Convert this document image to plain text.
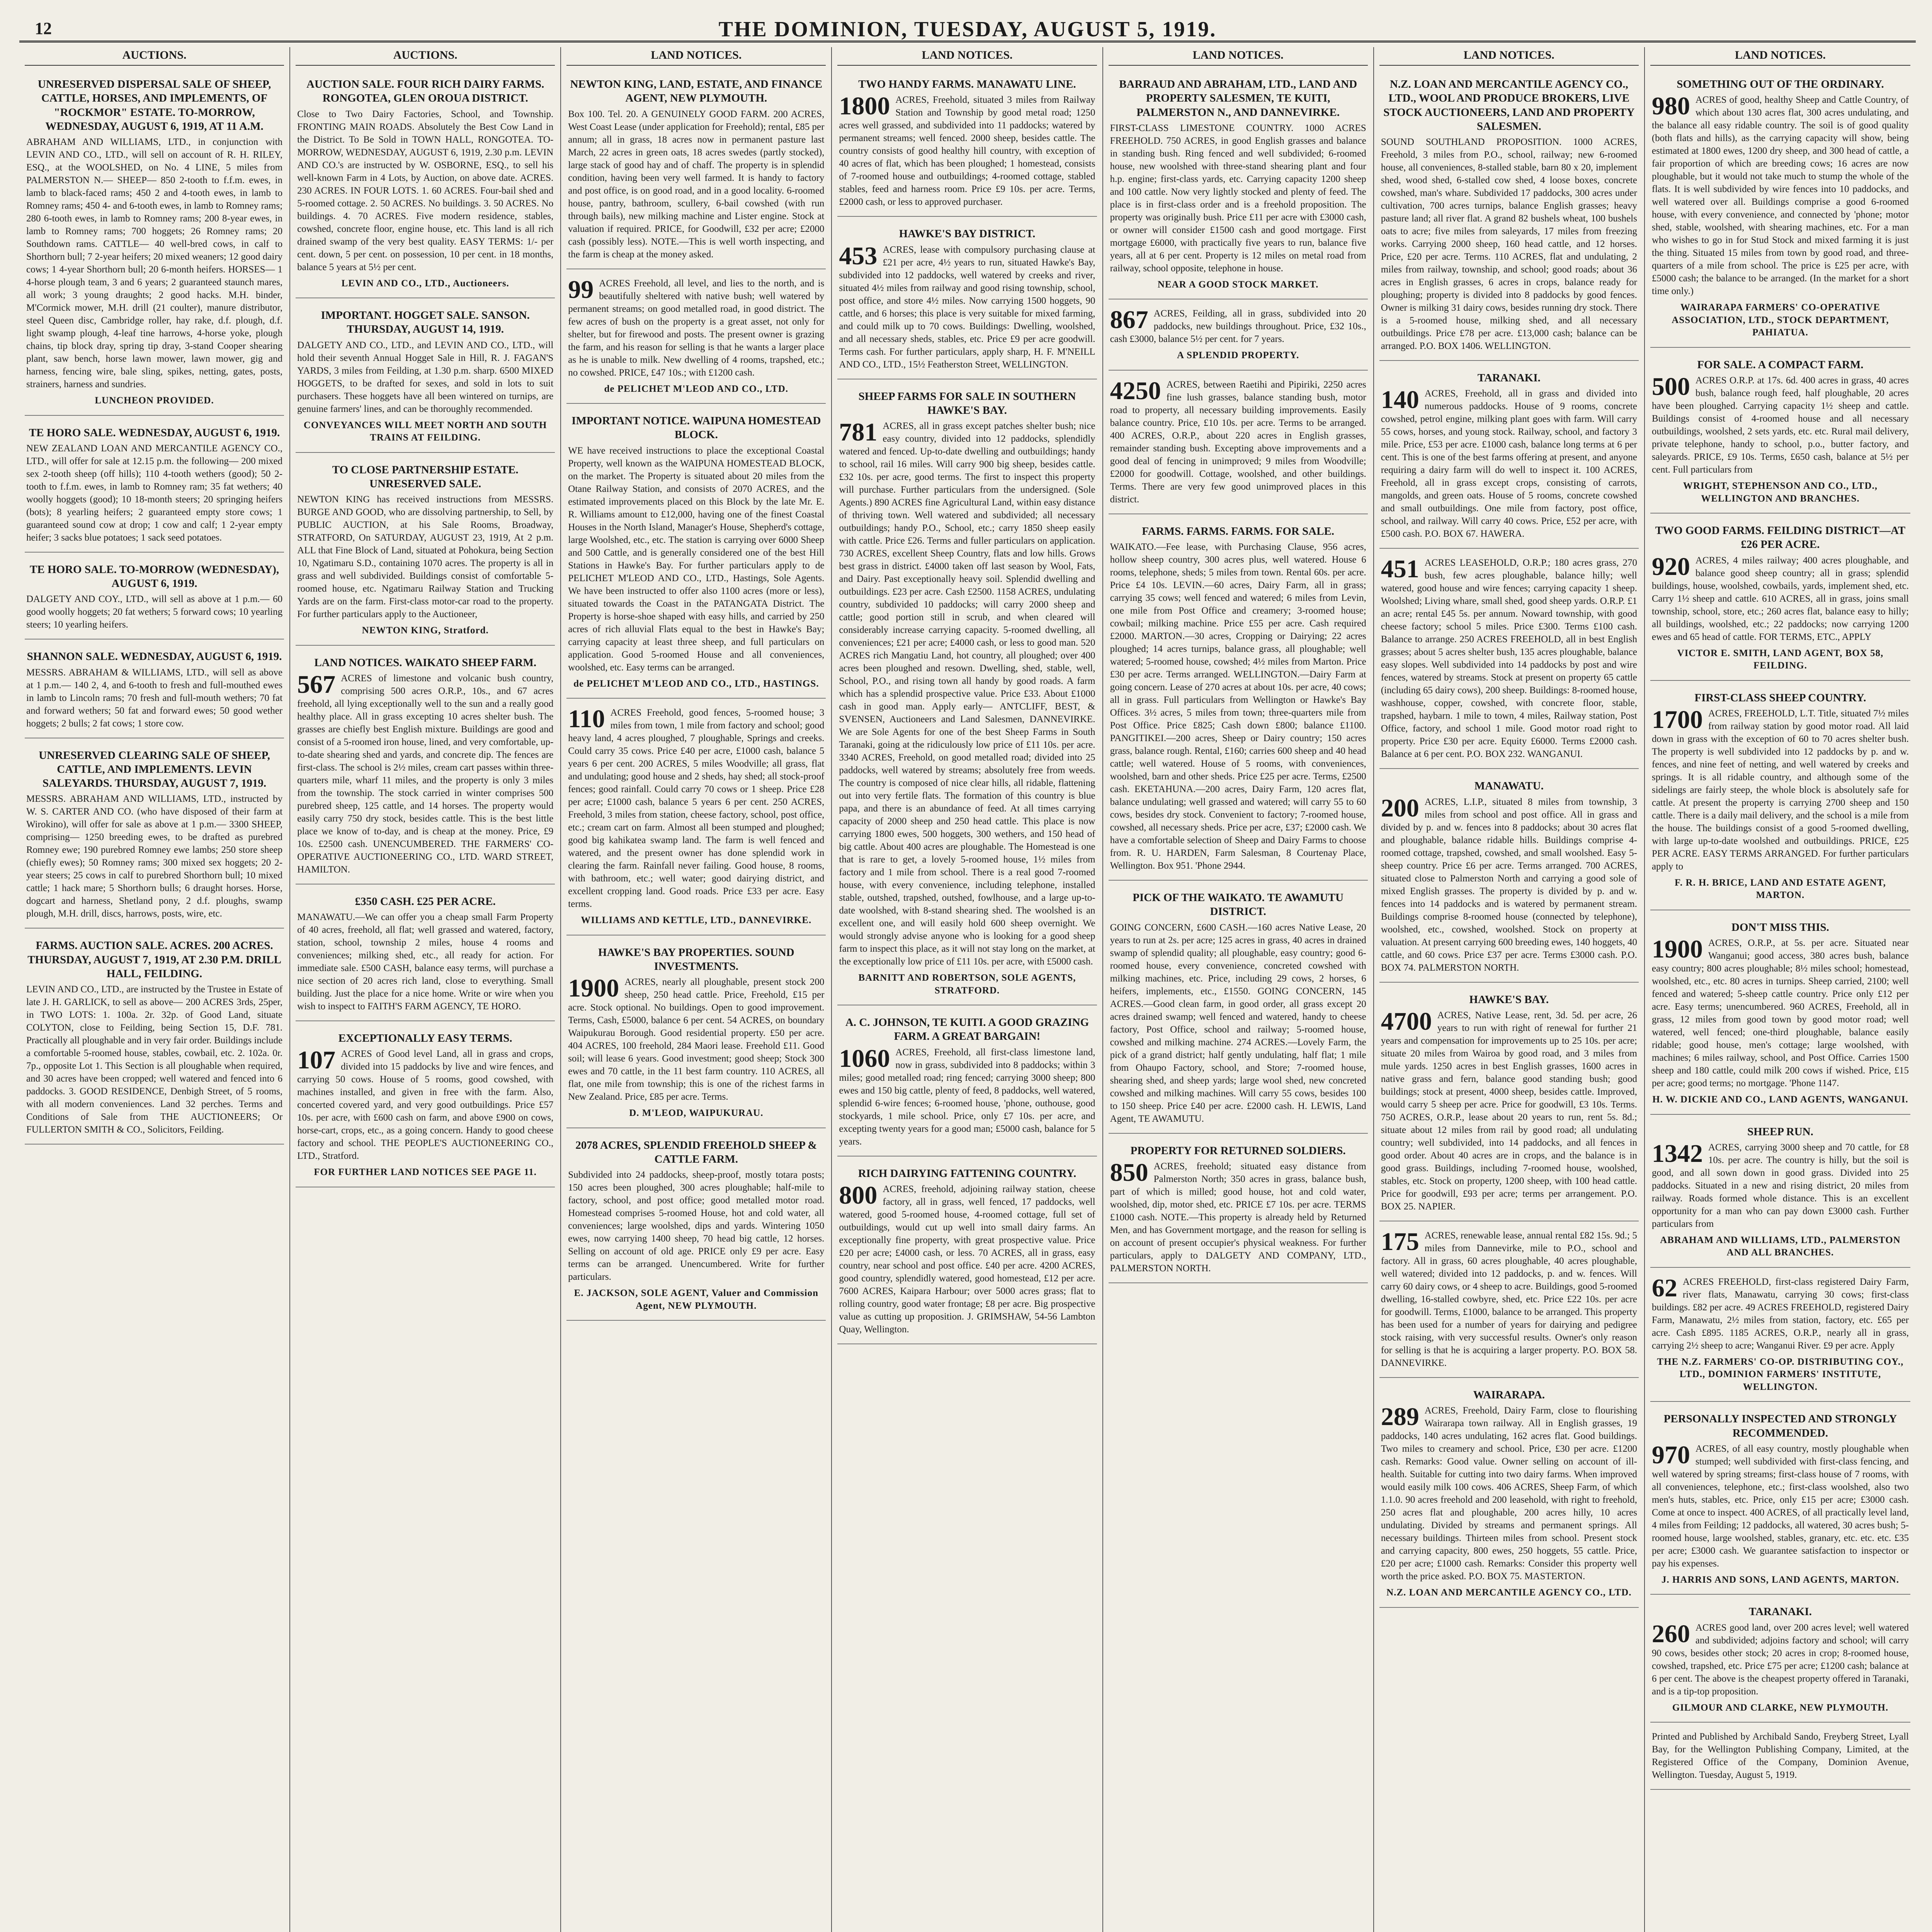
12	THE DOMINION, TUESDAY, AUGUST 5, 1919.
AUCTIONS.
UNRESERVED DISPERSAL SALE OF SHEEP, CATTLE, HORSES, AND IMPLEMENTS, OF "ROCKMOR" ESTATE. TO-MORROW, WEDNESDAY, AUGUST 6, 1919, AT 11 A.M.
ABRAHAM AND WILLIAMS, LTD., in conjunction with LEVIN AND CO., LTD., will sell on account of R. H. RILEY, ESQ., at the WOOLSHED, on No. 4 LINE, 5 miles from PALMERSTON N.— SHEEP— 850 2-tooth to f.f.m. ewes, in lamb to black-faced rams; 450 2 and 4-tooth ewes, in lamb to Romney rams; 450 4- and 6-tooth ewes, in lamb to Romney rams; 280 6-tooth ewes, in lamb to Romney rams; 200 8-year ewes, in lamb to Romney rams; 700 hoggets; 26 Romney rams; 20 Southdown rams. CATTLE— 40 well-bred cows, in calf to Shorthorn bull; 7 2-year heifers; 20 mixed weaners; 12 good dairy cows; 1 4-year Shorthorn bull; 20 6-month heifers. HORSES— 1 4-horse plough team, 3 and 6 years; 2 guaranteed staunch mares, all work; 3 young draughts; 2 good hacks. M.H. binder, M'Cormick mower, M.H. drill (21 coulter), manure distributor, steel Queen disc, Cambridge roller, hay rake, d.f. plough, d.f. light swamp plough, 4-leaf tine harrows, 4-horse yoke, plough chains, tip block dray, spring tip dray, 3-stand Cooper shearing plant, saw bench, horse lawn mower, lawn mower, gig and harness, fencing wire, bale sling, spikes, netting, gates, posts, strainers, harness and sundries.
LUNCHEON PROVIDED.
TE HORO SALE. WEDNESDAY, AUGUST 6, 1919.
NEW ZEALAND LOAN AND MERCANTILE AGENCY CO., LTD., will offer for sale at 12.15 p.m. the following— 200 mixed sex 2-tooth sheep (off hills); 110 4-tooth wethers (good); 50 2-tooth to f.f.m. ewes, in lamb to Romney ram; 35 fat wethers; 40 woolly hoggets (good); 10 18-month steers; 20 springing heifers (bots); 8 yearling heifers; 2 guaranteed empty store cows; 1 guaranteed sound cow at drop; 1 cow and calf; 1 2-year empty heifer; 3 sacks blue potatoes; 1 sack seed potatoes.
TE HORO SALE. TO-MORROW (WEDNESDAY), AUGUST 6, 1919.
DALGETY AND COY., LTD., will sell as above at 1 p.m.— 60 good woolly hoggets; 20 fat wethers; 5 forward cows; 10 yearling steers; 10 yearling heifers.
SHANNON SALE. WEDNESDAY, AUGUST 6, 1919.
MESSRS. ABRAHAM & WILLIAMS, LTD., will sell as above at 1 p.m.— 140 2, 4, and 6-tooth to fresh and full-mouthed ewes in lamb to Lincoln rams; 70 fresh and full-mouth wethers; 70 fat and forward wethers; 50 fat and forward ewes; 50 good wether hoggets; 2 bulls; 2 fat cows; 1 store cow.
UNRESERVED CLEARING SALE OF SHEEP, CATTLE, AND IMPLEMENTS. LEVIN SALEYARDS. THURSDAY, AUGUST 7, 1919.
MESSRS. ABRAHAM AND WILLIAMS, LTD., instructed by W. S. CARTER AND CO. (who have disposed of their farm at Wirokino), will offer for sale as above at 1 p.m.— 3300 SHEEP, comprising— 1250 breeding ewes, to be drafted as purebred Romney ewe; 190 purebred Romney ewe lambs; 250 store sheep (chiefly ewes); 50 Romney rams; 300 mixed sex hoggets; 20 2-year steers; 25 cows in calf to purebred Shorthorn bull; 10 mixed cattle; 1 hack mare; 5 Shorthorn bulls; 6 draught horses. Horse, dogcart and harness, Shetland pony, 2 d.f. ploughs, swamp plough, M.H. drill, discs, harrows, posts, wire, etc.
FARMS. AUCTION SALE. ACRES. 200 ACRES. THURSDAY, AUGUST 7, 1919, AT 2.30 P.M. DRILL HALL, FEILDING.
LEVIN AND CO., LTD., are instructed by the Trustee in Estate of late J. H. GARLICK, to sell as above— 200 ACRES 3rds, 25per, in TWO LOTS: 1. 100a. 2r. 32p. of Good Land, situate COLYTON, close to Feilding, being Section 15, D.F. 781. Practically all ploughable and in very fair order. Buildings include a comfortable 5-roomed house, stables, cowbail, etc. 2. 102a. 0r. 7p., opposite Lot 1. This Section is all ploughable when required, and 30 acres have been cropped; well watered and fenced into 6 paddocks. 3. GOOD RESIDENCE, Denbigh Street, of 5 rooms, with all modern conveniences. Land 32 perches. Terms and Conditions of Sale from THE AUCTIONEERS; Or FULLERTON SMITH & CO., Solicitors, Feilding.
AUCTIONS.
AUCTION SALE. FOUR RICH DAIRY FARMS. RONGOTEA, GLEN OROUA DISTRICT.
Close to Two Dairy Factories, School, and Township. FRONTING MAIN ROADS. Absolutely the Best Cow Land in the District. To Be Sold in TOWN HALL, RONGOTEA. TO-MORROW, WEDNESDAY, AUGUST 6, 1919, 2.30 p.m. LEVIN AND CO.'s are instructed by W. OSBORNE, ESQ., to sell his well-known Farm in 4 Lots, by Auction, on above date. ACRES. 230 ACRES. IN FOUR LOTS. 1. 60 ACRES. Four-bail shed and 5-roomed cottage. 2. 50 ACRES. No buildings. 3. 50 ACRES. No buildings. 4. 70 ACRES. Five modern residence, stables, cowshed, concrete floor, engine house, etc. This land is all rich drained swamp of the very best quality. EASY TERMS: 1/- per cent. down, 5 per cent. on possession, 10 per cent. in 18 months, balance 5 years at 5½ per cent.
LEVIN AND CO., LTD., Auctioneers.
IMPORTANT. HOGGET SALE. SANSON. THURSDAY, AUGUST 14, 1919.
DALGETY AND CO., LTD., and LEVIN AND CO., LTD., will hold their seventh Annual Hogget Sale in Hill, R. J. FAGAN'S YARDS, 3 miles from Feilding, at 1.30 p.m. sharp. 6500 MIXED HOGGETS, to be drafted for sexes, and sold in lots to suit purchasers. These hoggets have all been wintered on turnips, are genuine farmers' lines, and can be thoroughly recommended.
CONVEYANCES WILL MEET NORTH AND SOUTH TRAINS AT FEILDING.
TO CLOSE PARTNERSHIP ESTATE. UNRESERVED SALE.
NEWTON KING has received instructions from MESSRS. BURGE AND GOOD, who are dissolving partnership, to Sell, by PUBLIC AUCTION, at his Sale Rooms, Broadway, STRATFORD, On SATURDAY, AUGUST 23, 1919, At 2 p.m. ALL that Fine Block of Land, situated at Pohokura, being Section 10, Ngatimaru S.D., containing 1070 acres. The property is all in grass and well subdivided. Buildings consist of comfortable 5-roomed house, etc. Ngatimaru Railway Station and Trucking Yards are on the farm. First-class motor-car road to the property. For further particulars apply to the Auctioneer,
NEWTON KING, Stratford.
LAND NOTICES. WAIKATO SHEEP FARM.
567 ACRES of limestone and volcanic bush country, comprising 500 acres O.R.P., 10s., and 67 acres freehold, all lying exceptionally well to the sun and a really good healthy place. All in grass excepting 10 acres shelter bush. The grasses are chiefly best English mixture. Buildings are good and consist of a 5-roomed iron house, lined, and very comfortable, up-to-date shearing shed and yards, and concrete dip. The fences are first-class. The school is 2½ miles, cream cart passes within three-quarters mile, wharf 11 miles, and the property is only 3 miles from the township. The stock carried in winter comprises 500 purebred sheep, 125 cattle, and 14 horses. The property would easily carry 750 dry stock, besides cattle. This is the best little place we know of to-day, and is cheap at the money. Price, £9 10s. £2500 cash. UNENCUMBERED. THE FARMERS' CO-OPERATIVE AUCTIONEERING CO., LTD. WARD STREET, HAMILTON.
£350 CASH. £25 PER ACRE.
MANAWATU.—We can offer you a cheap small Farm Property of 40 acres, freehold, all flat; well grassed and watered, factory, station, school, township 2 miles, house 4 rooms and conveniences; milking shed, etc., all ready for action. For immediate sale. £500 CASH, balance easy terms, will purchase a nice section of 20 acres rich land, close to everything. Small building. Just the place for a nice home. Write or wire when you wish to inspect to FAITH'S FARM AGENCY, TE HORO.
EXCEPTIONALLY EASY TERMS.
107 ACRES of Good level Land, all in grass and crops, divided into 15 paddocks by live and wire fences, and carrying 50 cows. House of 5 rooms, good cowshed, with machines installed, and given in free with the farm. Also, concerted covered yard, and very good outbuildings. Price £57 10s. per acre, with £600 cash on farm, and above £900 on cows, horse-cart, crops, etc., as a going concern. Handy to good cheese factory and school. THE PEOPLE'S AUCTIONEERING CO., LTD., Stratford.
FOR FURTHER LAND NOTICES SEE PAGE 11.
LAND NOTICES.
NEWTON KING, LAND, ESTATE, AND FINANCE AGENT, NEW PLYMOUTH.
Box 100. Tel. 20. A GENUINELY GOOD FARM. 200 ACRES, West Coast Lease (under application for Freehold); rental, £85 per annum; all in grass, 18 acres now in permanent pasture last March, 22 acres in green oats, 18 acres swedes (partly stocked), large stack of good hay and of chaff. The property is in splendid condition, having been very well farmed. It is handy to factory and post office, is on good road, and in a good locality. 6-roomed house, pantry, bathroom, scullery, 6-bail cowshed (with run through bails), new milking machine and Lister engine. Stock at valuation if required. PRICE, for Goodwill, £32 per acre; £2000 cash (possibly less). NOTE.—This is well worth inspecting, and the farm is cheap at the money asked.
99 ACRES Freehold, all level, and lies to the north, and is beautifully sheltered with native bush; well watered by permanent streams; on good metalled road, in good district. The few acres of bush on the property is a great asset, not only for shelter, but for firewood and posts. The present owner is grazing the farm, and his reason for selling is that he wants a larger place as he is unable to milk. New dwelling of 4 rooms, trapshed, etc.; no cowshed. PRICE, £47 10s.; with £1200 cash.
de PELICHET M'LEOD AND CO., LTD.
IMPORTANT NOTICE. WAIPUNA HOMESTEAD BLOCK.
WE have received instructions to place the exceptional Coastal Property, well known as the WAIPUNA HOMESTEAD BLOCK, on the market. The Property is situated about 20 miles from the Otane Railway Station, and consists of 2070 ACRES, and the estimated improvements placed on this Block by the late Mr. E. R. Williams amount to £12,000, having one of the finest Coastal Houses in the North Island, Manager's House, Shepherd's cottage, large Woolshed, etc., etc. The station is carrying over 6000 Sheep and 500 Cattle, and is generally considered one of the best Hill Stations in Hawke's Bay. For further particulars apply to de PELICHET M'LEOD AND CO., LTD., Hastings, Sole Agents. We have been instructed to offer also 1100 acres (more or less), situated towards the Coast in the PATANGATA District. The Property is horse-shoe shaped with easy hills, and carried by 250 acres of rich alluvial Flats equal to the best in Hawke's Bay; carrying capacity at least three sheep, and full particulars on application. Good 5-roomed House and all conveniences, woolshed, etc. Easy terms can be arranged.
de PELICHET M'LEOD AND CO., LTD., HASTINGS.
110 ACRES Freehold, good fences, 5-roomed house; 3 miles from town, 1 mile from factory and school; good heavy land, 4 acres ploughed, 7 ploughable, Springs and creeks. Could carry 35 cows. Price £40 per acre, £1000 cash, balance 5 years 6 per cent. 200 ACRES, 5 miles Woodville; all grass, flat and undulating; good house and 2 sheds, hay shed; all stock-proof fences; good rainfall. Could carry 70 cows or 1 sheep. Price £28 per acre; £1000 cash, balance 5 years 6 per cent. 250 ACRES, Freehold, 3 miles from station, cheese factory, school, post office, etc.; cream cart on farm. Almost all been stumped and ploughed; good big kahikatea swamp land. The farm is well fenced and watered, and the present owner has done splendid work in clearing the farm. Rainfall never failing. Good house, 8 rooms, with bathroom, etc.; well water; good dairying district, and excellent cropping land. Good roads. Price £33 per acre. Easy terms.
WILLIAMS AND KETTLE, LTD., DANNEVIRKE.
HAWKE'S BAY PROPERTIES. SOUND INVESTMENTS.
1900 ACRES, nearly all ploughable, present stock 200 sheep, 250 head cattle. Price, Freehold, £15 per acre. Stock optional. No buildings. Open to good improvement. Terms, Cash, £5000, balance 6 per cent. 54 ACRES, on boundary Waipukurau Borough. Good residential property. £50 per acre. 404 ACRES, 100 freehold, 284 Maori lease. Freehold £11. Good soil; will lease 6 years. Good investment; good sheep; Stock 300 ewes and 70 cattle, in the 11 best farm country. 110 ACRES, all flat, one mile from township; this is one of the richest farms in New Zealand. Price, £85 per acre. Terms.
D. M'LEOD, WAIPUKURAU.
2078 ACRES, SPLENDID FREEHOLD SHEEP & CATTLE FARM.
Subdivided into 24 paddocks, sheep-proof, mostly totara posts; 150 acres been ploughed, 300 acres ploughable; half-mile to factory, school, and post office; good metalled motor road. Homestead comprises 5-roomed House, hot and cold water, all conveniences; large woolshed, dips and yards. Wintering 1050 ewes, now carrying 1400 sheep, 70 head big cattle, 12 horses. Selling on account of old age. PRICE only £9 per acre. Easy terms can be arranged. Unencumbered. Write for further particulars.
E. JACKSON, SOLE AGENT, Valuer and Commission Agent, NEW PLYMOUTH.
LAND NOTICES.
TWO HANDY FARMS. MANAWATU LINE.
1800 ACRES, Freehold, situated 3 miles from Railway Station and Township by good metal road; 1250 acres well grassed, and subdivided into 11 paddocks; watered by permanent streams; well fenced. 2000 sheep, besides cattle. The country consists of good healthy hill country, with exception of 40 acres of flat, which has been ploughed; 1 homestead, consists of 7-roomed house and outbuildings; 4-roomed cottage, stabled stables, feed and harness room. Price £9 10s. per acre. Terms, £2000 cash, or less to approved purchaser.
HAWKE'S BAY DISTRICT.
453 ACRES, lease with compulsory purchasing clause at £21 per acre, 4½ years to run, situated Hawke's Bay, subdivided into 12 paddocks, well watered by creeks and river, situated 4½ miles from railway and good rising township, school, post office, and store 4½ miles. Now carrying 1500 hoggets, 90 cattle, and 6 horses; this place is very suitable for mixed farming, and could milk up to 70 cows. Buildings: Dwelling, woolshed, and all necessary sheds, stables, etc. Price £9 per acre goodwill. Terms cash. For further particulars, apply sharp, H. F. M'NEILL AND CO., LTD., 15½ Featherston Street, WELLINGTON.
SHEEP FARMS FOR SALE IN SOUTHERN HAWKE'S BAY.
781 ACRES, all in grass except patches shelter bush; nice easy country, divided into 12 paddocks, splendidly watered and fenced. Up-to-date dwelling and outbuildings; handy to school, rail 16 miles. Will carry 900 big sheep, besides cattle. £32 10s. per acre, good terms. The first to inspect this property will purchase. Further particulars from the undersigned. (Sole Agents.) 890 ACRES fine Agricultural Land, within easy distance of thriving town. Well watered and subdivided; all necessary outbuildings; handy P.O., School, etc.; carry 1850 sheep easily with cattle. Price £26. Terms and fuller particulars on application. 730 ACRES, excellent Sheep Country, flats and low hills. Grows best grass in district. £4000 taken off last season by Wool, Fats, and Dairy. Past exceptionally heavy soil. Splendid dwelling and outbuildings. £23 per acre. Cash £2500. 1158 ACRES, undulating country, subdivided 10 paddocks; will carry 2000 sheep and cattle; good portion still in scrub, and when cleared will considerably increase carrying capacity. 5-roomed dwelling, all conveniences; £21 per acre; £4000 cash, or less to good man. 520 ACRES rich Mangatiu Land, hot country, all ploughed; over 400 acres been ploughed and resown. Dwelling, shed, stable, well, School, P.O., and rising town all handy by good roads. A farm which has a splendid prospective value. Price £33. About £1000 cash in good man. Apply early— ANTCLIFF, BEST, & SVENSEN, Auctioneers and Land Salesmen, DANNEVIRKE. We are Sole Agents for one of the best Sheep Farms in South Taranaki, going at the ridiculously low price of £11 10s. per acre. 3340 ACRES, Freehold, on good metalled road; divided into 25 paddocks, well watered by streams; absolutely free from weeds. The country is composed of nice clear hills, all ridable, flattening out into very fertile flats. The formation of this country is blue papa, and there is an abundance of feed. At all times carrying capacity of 2000 sheep and 250 head cattle. This place is now carrying 1800 ewes, 500 hoggets, 300 wethers, and 150 head of big cattle. About 400 acres are ploughable. The Homestead is one that is rare to get, a lovely 5-roomed house, 1½ miles from factory and 1 mile from school. There is a real good 7-roomed house, with every convenience, including telephone, installed stable, outshed, trapshed, outshed, fowlhouse, and a large up-to-date woolshed, with 8-stand shearing shed. The woolshed is an excellent one, and will easily hold 600 sheep overnight. We would strongly advise anyone who is looking for a good sheep farm to inspect this place, as it will not stay long on the market, at the exceptionally low price of £11 10s. per acre, with £5000 cash.
BARNITT AND ROBERTSON, SOLE AGENTS, STRATFORD.
A. C. JOHNSON, TE KUITI. A GOOD GRAZING FARM. A GREAT BARGAIN!
1060 ACRES, Freehold, all first-class limestone land, now in grass, subdivided into 8 paddocks; within 3 miles; good metalled road; ring fenced; carrying 3000 sheep; 800 ewes and 150 big cattle, plenty of feed, 8 paddocks, well watered, splendid 6-wire fences; 6-roomed house, 'phone, outhouse, good stockyards, 1 mile school. Price, only £7 10s. per acre, and excepting twenty years for a good man; £5000 cash, balance for 5 years.
RICH DAIRYING FATTENING COUNTRY.
800 ACRES, freehold, adjoining railway station, cheese factory, all in grass, well fenced, 17 paddocks, well watered, good 5-roomed house, 4-roomed cottage, full set of outbuildings, would cut up well into small dairy farms. An exceptionally fine property, with great prospective value. Price £20 per acre; £4000 cash, or less. 70 ACRES, all in grass, easy country, near school and post office. £40 per acre. 4200 ACRES, good country, splendidly watered, good homestead, £12 per acre. 7600 ACRES, Kaipara Harbour; over 5000 acres grass; flat to rolling country, good water frontage; £8 per acre. Big prospective value as cutting up proposition. J. GRIMSHAW, 54-56 Lambton Quay, Wellington.
LAND NOTICES.
BARRAUD AND ABRAHAM, LTD., LAND AND PROPERTY SALESMEN, TE KUITI, PALMERSTON N., AND DANNEVIRKE.
FIRST-CLASS LIMESTONE COUNTRY. 1000 ACRES FREEHOLD. 750 ACRES, in good English grasses and balance in standing bush. Ring fenced and well subdivided; 6-roomed house, new woolshed with three-stand shearing plant and four h.p. engine; first-class yards, etc. Carrying capacity 1200 sheep and 100 cattle. Now very lightly stocked and plenty of feed. The place is in first-class order and is a freehold proposition. The property was originally bush. Price £11 per acre with £3000 cash, or owner will consider £1500 cash and good mortgage. First mortgage £6000, with practically five years to run, balance five years, all at 6 per cent. Property is 12 miles on metal road from railway, school opposite, telephone in house.
NEAR A GOOD STOCK MARKET.
867 ACRES, Feilding, all in grass, subdivided into 20 paddocks, new buildings throughout. Price, £32 10s., cash £3000, balance 5½ per cent. for 7 years.
A SPLENDID PROPERTY.
4250 ACRES, between Raetihi and Pipiriki, 2250 acres fine lush grasses, balance standing bush, motor road to property, all necessary building improvements. Easily balance country. Price, £10 10s. per acre. Terms to be arranged. 400 ACRES, O.R.P., about 220 acres in English grasses, remainder standing bush. Excepting above improvements and a good deal of fencing in unimproved; 9 miles from Woodville; £2000 for goodwill. Cottage, woolshed, and other buildings. Terms. There are very few good unimproved places in this district.
FARMS. FARMS. FARMS. FOR SALE.
WAIKATO.—Fee lease, with Purchasing Clause, 956 acres, hollow sheep country, 300 acres plus, well watered. House 6 rooms, telephone, sheds; 5 miles from town. Rental 60s. per acre. Price £4 10s. LEVIN.—60 acres, Dairy Farm, all in grass; carrying 35 cows; well fenced and watered; 6 miles from Levin, one mile from Post Office and creamery; 3-roomed house; cowbail; milking machine. Price £55 per acre. Cash required £2000. MARTON.—30 acres, Cropping or Dairying; 22 acres ploughed; 14 acres turnips, balance grass, all ploughable; well watered; 5-roomed house, cowshed; 4½ miles from Marton. Price £30 per acre. Terms arranged. WELLINGTON.—Dairy Farm at going concern. Lease of 270 acres at about 10s. per acre, 40 cows; all in grass. Full particulars from Wellington or Hawke's Bay Offices. 3½ acres, 5 miles from town; three-quarters mile from Post Office. Price £825; Cash down £800; balance £1100. PANGITIKEI.—200 acres, Sheep or Dairy country; 150 acres grass, balance rough. Rental, £160; carries 600 sheep and 40 head cattle; well watered. House of 5 rooms, with conveniences, woolshed, barn and other sheds. Price £25 per acre. Terms, £2500 cash. EKETAHUNA.—200 acres, Dairy Farm, 120 acres flat, balance undulating; well grassed and watered; will carry 55 to 60 cows, besides dry stock. Convenient to factory; 7-roomed house, cowshed, all necessary sheds. Price per acre, £37; £2000 cash. We have a comfortable selection of Sheep and Dairy Farms to choose from. R. U. HARDEN, Farm Salesman, 8 Courtenay Place, Wellington. Box 951. 'Phone 2944.
PICK OF THE WAIKATO. TE AWAMUTU DISTRICT.
GOING CONCERN, £600 CASH.—160 acres Native Lease, 20 years to run at 2s. per acre; 125 acres in grass, 40 acres in drained swamp of splendid quality; all ploughable, easy country; good 6-roomed house, every convenience, concreted cowshed with milking machines, etc. Price, including 29 cows, 2 horses, 6 heifers, implements, etc., £1550. GOING CONCERN, 145 ACRES.—Good clean farm, in good order, all grass except 20 acres drained swamp; well fenced and watered, handy to cheese factory, Post Office, school and railway; 5-roomed house, cowshed and milking machine. 274 ACRES.—Lovely Farm, the pick of a grand district; half gently undulating, half flat; 1 mile from Ohaupo Factory, school, and Store; 7-roomed house, shearing shed, and sheep yards; large wool shed, new concreted cowshed and milking machines. Will carry 55 cows, besides 100 to 150 sheep. Price £40 per acre. £2000 cash. H. LEWIS, Land Agent, TE AWAMUTU.
PROPERTY FOR RETURNED SOLDIERS.
850 ACRES, freehold; situated easy distance from Palmerston North; 350 acres in grass, balance bush, part of which is milled; good house, hot and cold water, woolshed, dip, motor shed, etc. PRICE £7 10s. per acre. TERMS £1000 cash. NOTE.—This property is already held by Returned Men, and has Government mortgage, and the reason for selling is on account of present occupier's physical weakness. For further particulars, apply to DALGETY AND COMPANY, LTD., PALMERSTON NORTH.
LAND NOTICES.
N.Z. LOAN AND MERCANTILE AGENCY CO., LTD., WOOL AND PRODUCE BROKERS, LIVE STOCK AUCTIONEERS, LAND AND PROPERTY SALESMEN.
SOUND SOUTHLAND PROPOSITION. 1000 ACRES, Freehold, 3 miles from P.O., school, railway; new 6-roomed house, all conveniences, 8-stalled stable, barn 80 x 20, implement shed, wood shed, 6-stalled cow shed, 4 loose boxes, concrete cowshed, man's whare. Subdivided 17 paddocks, 300 acres under cultivation, 700 acres turnips, balance English grasses; heavy pasture land; all river flat. A grand 82 bushels wheat, 100 bushels oats to acre; five miles from saleyards, 17 miles from freezing works. Carrying 2000 sheep, 160 head cattle, and 12 horses. Price, £20 per acre. Terms. 110 ACRES, flat and undulating, 2 miles from railway, township, and school; good roads; about 36 acres in English grasses, 6 acres in crops, balance ready for ploughing; property is divided into 8 paddocks by good fences. Owner is milking 31 dairy cows, besides running dry stock. There is a 5-roomed house, milking shed, and all necessary outbuildings. Price £78 per acre. £13,000 cash; balance can be arranged. P.O. BOX 1406. WELLINGTON.
TARANAKI.
140 ACRES, Freehold, all in grass and divided into numerous paddocks. House of 9 rooms, concrete cowshed, petrol engine, milking plant goes with farm. Will carry 55 cows, horses, and young stock. Railway, school, and factory 3 mile. Price, £53 per acre. £1000 cash, balance long terms at 6 per cent. This is one of the best farms offering at present, and anyone requiring a dairy farm will do well to inspect it. 100 ACRES, Freehold, all in grass except crops, consisting of carrots, mangolds, and green oats. House of 5 rooms, concrete cowshed and small outbuildings. One mile from factory, post office, school, and railway. Will carry 40 cows. Price, £52 per acre, with £500 cash. P.O. BOX 67. HAWERA.
451 ACRES LEASEHOLD, O.R.P.; 180 acres grass, 270 bush, few acres ploughable, balance hilly; well watered, good house and wire fences; carrying capacity 1 sheep. Woolshed; Living whare, small shed, good sheep yards. O.R.P. £1 an acre; rental £45 5s. per annum. Noward township, with good cheese factory; school 5 miles. Price £300. Terms £100 cash. Balance to arrange. 250 ACRES FREEHOLD, all in best English grasses; about 5 acres shelter bush, 135 acres ploughable, balance easy slopes. Well subdivided into 14 paddocks by post and wire fences, watered by streams. Stock at present on property 65 cattle (including 65 dairy cows), 200 sheep. Buildings: 8-roomed house, washhouse, copper, cowshed, with concrete floor, stable, trapshed, haybarn. 1 mile to town, 4 miles, Railway station, Post Office, factory, and school 1 mile. Good motor road right to property. Price £30 per acre. Equity £6000. Terms £2000 cash. Balance at 6 per cent. P.O. BOX 232. WANGANUI.
MANAWATU.
200 ACRES, L.I.P., situated 8 miles from township, 3 miles from school and post office. All in grass and divided by p. and w. fences into 8 paddocks; about 30 acres flat and ploughable, balance ridable hills. Buildings comprise 4-roomed cottage, trapshed, cowshed, and small woolshed. Easy 5-sheep country. Price £6 per acre. Terms arranged. 700 ACRES, situated close to Palmerston North and carrying a good sole of mixed English grasses. The property is divided by p. and w. fences into 14 paddocks and is watered by permanent stream. Buildings comprise 8-roomed house (connected by telephone), woolshed, etc., cowshed, woolshed. Stock on property at valuation. At present carrying 600 breeding ewes, 140 hoggets, 40 cattle, and 60 cows. Price £37 per acre. Terms £3000 cash. P.O. BOX 74. PALMERSTON NORTH.
HAWKE'S BAY.
4700 ACRES, Native Lease, rent, 3d. 5d. per acre, 26 years to run with right of renewal for further 21 years and compensation for improvements up to 25 10s. per acre; situate 20 miles from Wairoa by good road, and 3 miles from mule yards. 1250 acres in best English grasses, 1600 acres in native grass and fern, balance good standing bush; good buildings; stock at present, 4000 sheep, besides cattle. Improved, would carry 5 sheep per acre. Price for goodwill, £3 10s. Terms. 750 ACRES, O.R.P., lease about 20 years to run, rent 5s. 8d.; situate about 12 miles from rail by good road; all undulating country; well subdivided, into 14 paddocks, and all fences in good order. About 40 acres are in crops, and the balance is in good grass. Buildings, including 7-roomed house, woolshed, stables, etc. Stock on property, 1200 sheep, with 100 head cattle. Price for goodwill, £93 per acre; terms per arrangement. P.O. BOX 25. NAPIER.
175 ACRES, renewable lease, annual rental £82 15s. 9d.; 5 miles from Dannevirke, mile to P.O., school and factory. All in grass, 60 acres ploughable, 40 acres ploughable, well watered; divided into 12 paddocks, p. and w. fences. Will carry 60 dairy cows, or 4 sheep to acre. Buildings, good 5-roomed dwelling, 16-stalled cowbyre, shed, etc. Price £22 10s. per acre for goodwill. Terms, £1000, balance to be arranged. This property has been used for a number of years for dairying and pedigree stock raising, with very successful results. Owner's only reason for selling is that he is acquiring a larger property. P.O. BOX 58. DANNEVIRKE.
WAIRARAPA.
289 ACRES, Freehold, Dairy Farm, close to flourishing Wairarapa town railway. All in English grasses, 19 paddocks, 140 acres undulating, 162 acres flat. Good buildings. Two miles to creamery and school. Price, £30 per acre. £1200 cash. Remarks: Good value. Owner selling on account of ill-health. Suitable for cutting into two dairy farms. When improved would easily milk 100 cows. 406 ACRES, Sheep Farm, of which 1.1.0. 90 acres freehold and 200 leasehold, with right to freehold, 250 acres flat and ploughable, 200 acres hilly, 10 acres undulating. Divided by streams and permanent springs. All necessary buildings. Thirteen miles from school. Present stock and carrying capacity, 800 ewes, 250 hoggets, 55 cattle. Price, £20 per acre; £1000 cash. Remarks: Consider this property well worth the price asked. P.O. BOX 75. MASTERTON.
N.Z. LOAN AND MERCANTILE AGENCY CO., LTD.
LAND NOTICES.
SOMETHING OUT OF THE ORDINARY.
980 ACRES of good, healthy Sheep and Cattle Country, of which about 130 acres flat, 300 acres undulating, and the balance all easy ridable country. The soil is of good quality (both flats and hills), as the carrying capacity will show, being estimated at 1800 ewes, 1200 dry sheep, and 300 head of cattle, a fair proportion of which are breeding cows; 16 acres are now ploughable, but it would not take much to stump the whole of the flats. It is well subdivided by wire fences into 10 paddocks, and well watered over all. Buildings comprise a good 6-roomed house, with every convenience, and connected by 'phone; motor shed, stable, woolshed, with shearing machines, etc. For a man who wishes to go in for Stud Stock and mixed farming it is just the thing. Situated 15 miles from town by good road, and three-quarters of a mile from school. The price is £25 per acre, with £5000 cash; the balance to be arranged. (In the market for a short time only.)
WAIRARAPA FARMERS' CO-OPERATIVE ASSOCIATION, LTD., STOCK DEPARTMENT, PAHIATUA.
FOR SALE. A COMPACT FARM.
500 ACRES O.R.P. at 17s. 6d. 400 acres in grass, 40 acres bush, balance rough feed, half ploughable, 20 acres have been ploughed. Carrying capacity 1½ sheep and cattle. Buildings consist of 4-roomed house and all necessary outbuildings, woolshed, 2 sets yards, etc. etc. Rural mail delivery, private telephone, handy to school, p.o., butter factory, and saleyards. PRICE, £9 10s. Terms, £650 cash, balance at 5½ per cent. Full particulars from
WRIGHT, STEPHENSON AND CO., LTD., WELLINGTON AND BRANCHES.
TWO GOOD FARMS. FEILDING DISTRICT—AT £26 PER ACRE.
920 ACRES, 4 miles railway; 400 acres ploughable, and balance good sheep country; all in grass; splendid buildings, house, woolshed, cowbails, yards, implement shed, etc. Carry 1½ sheep and cattle. 610 ACRES, all in grass, joins small township, school, store, etc.; 260 acres flat, balance easy to hilly; all buildings, woolshed, etc.; 22 paddocks; now carrying 1200 ewes and 65 head of cattle. FOR TERMS, ETC., APPLY
VICTOR E. SMITH, LAND AGENT, BOX 58, FEILDING.
FIRST-CLASS SHEEP COUNTRY.
1700 ACRES, FREEHOLD, L.T. Title, situated 7½ miles from railway station by good motor road. All laid down in grass with the exception of 60 to 70 acres shelter bush. The property is well subdivided into 12 paddocks by p. and w. fences, and nine feet of netting, and well watered by creeks and springs. It is all ridable country, and although some of the sidelings are fairly steep, the whole block is absolutely safe for cattle. At present the property is carrying 2700 sheep and 150 cattle. There is a daily mail delivery, and the school is a mile from the house. The buildings consist of a good 5-roomed dwelling, with large up-to-date woolshed and outbuildings. PRICE, £25 PER ACRE. EASY TERMS ARRANGED. For further particulars apply to
F. R. H. BRICE, LAND AND ESTATE AGENT, MARTON.
DON'T MISS THIS.
1900 ACRES, O.R.P., at 5s. per acre. Situated near Wanganui; good access, 380 acres bush, balance easy country; 800 acres ploughable; 8½ miles school; homestead, woolshed, etc., etc. 80 acres in turnips. Sheep carried, 2100; well fenced and watered; 5-sheep cattle country. Price only £12 per acre. Easy terms; unencumbered. 960 ACRES, Freehold, all in grass, 12 miles from good town by good motor road; well watered, well fenced; one-third ploughable, balance easily ridable; good house, men's cottage; large woolshed, with machines; 6 miles railway, school, and Post Office. Carries 1500 sheep and 180 cattle, could milk 200 cows if wished. Price, £15 per acre; good terms; no mortgage. 'Phone 1147.
H. W. DICKIE AND CO., LAND AGENTS, WANGANUI.
SHEEP RUN.
1342 ACRES, carrying 3000 sheep and 70 cattle, for £8 10s. per acre. The country is hilly, but the soil is good, and all sown down in good grass. Divided into 25 paddocks. Situated in a new and rising district, 20 miles from railway. Roads formed whole distance. This is an excellent opportunity for a man who can pay down £3000 cash. Further particulars from
ABRAHAM AND WILLIAMS, LTD., PALMERSTON AND ALL BRANCHES.
62 ACRES FREEHOLD, first-class registered Dairy Farm, river flats, Manawatu, carrying 30 cows; first-class buildings. £82 per acre. 49 ACRES FREEHOLD, registered Dairy Farm, Manawatu, 2½ miles from station, factory, etc. £65 per acre. Cash £895. 1185 ACRES, O.R.P., nearly all in grass, carrying 2½ sheep to acre; Wanganui River. £9 per acre. Apply
THE N.Z. FARMERS' CO-OP. DISTRIBUTING COY., LTD., DOMINION FARMERS' INSTITUTE, WELLINGTON.
PERSONALLY INSPECTED AND STRONGLY RECOMMENDED.
970 ACRES, of all easy country, mostly ploughable when stumped; well subdivided with first-class fencing, and well watered by spring streams; first-class house of 7 rooms, with all conveniences, telephone, etc.; first-class woolshed, also two men's huts, stables, etc. Price, only £15 per acre; £3000 cash. Come at once to inspect. 400 ACRES, of all practically level land, 4 miles from Feilding; 12 paddocks, all watered, 30 acres bush; 5-roomed house, large woolshed, stables, granary, etc. etc. etc. £35 per acre; £3000 cash. We guarantee satisfaction to inspector or pay his expenses.
J. HARRIS AND SONS, LAND AGENTS, MARTON.
TARANAKI.
260 ACRES good land, over 200 acres level; well watered and subdivided; adjoins factory and school; will carry 90 cows, besides other stock; 20 acres in crop; 8-roomed house, cowshed, trapshed, etc. Price £75 per acre; £1200 cash; balance at 6 per cent. The above is the cheapest property offered in Taranaki, and is a tip-top proposition.
GILMOUR AND CLARKE, NEW PLYMOUTH.
Printed and Published by Archibald Sando, Freyberg Street, Lyall Bay, for the Wellington Publishing Company, Limited, at the Registered Office of the Company, Dominion Avenue, Wellington. Tuesday, August 5, 1919.
